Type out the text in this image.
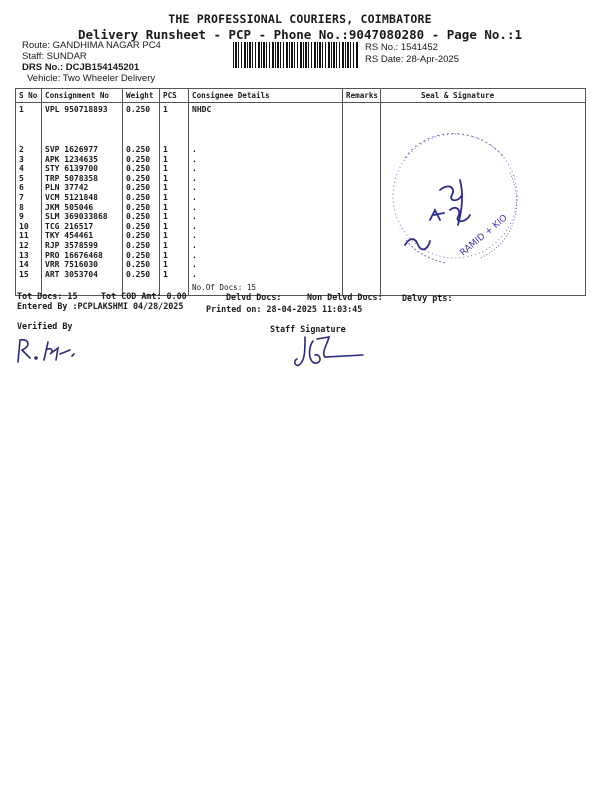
THE PROFESSIONAL COURIERS, COIMBATORE
Delivery Runsheet - PCP - Phone No.:9047080280 - Page No.:1
Route: GANDHIMA NAGAR PC4
Staff: SUNDAR
DRS No.: DCJB154145201
Vehicle: Two Wheeler Delivery
RS No.: 1541452
RS Date: 28-Apr-2025
S No	Consignment No	Weight	PCS	Consignee Details	Remarks	Seal & Signature
1	VPL 950718893	0.250	1	NHDC		
2	SVP 1626977	0.250	1	.		
3	APK 1234635	0.250	1	.		
4	STY 6139700	0.250	1	.		
5	TRP 5078358	0.250	1	.		
6	PLN 37742	0.250	1	.		
7	VCM 5121848	0.250	1	.		
8	JKM 505046	0.250	1	.		
9	SLM 369033868	0.250	1	.		
10	TCG 216517	0.250	1	.		
11	TKY 454461	0.250	1	.		
12	RJP 3578599	0.250	1	.		
13	PRO 16676468	0.250	1	.		
14	VRR 7516030	0.250	1	.		
15	ART 3053704	0.250	1	.		
				No.Of Docs: 15		
RAMID + KIO
Tot Docs: 15	Tot COD Amt: 0.00	Delvd Docs:	Non Delvd Docs: Delvy pts:
Entered By :PCPLAKSHMI 04/28/2025	Printed on: 28-04-2025 11:03:45
Verified By	Staff Signature
